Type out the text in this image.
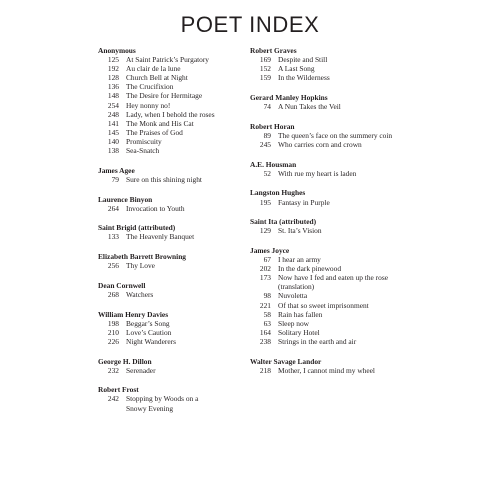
POET INDEX
Anonymous
125 At Saint Patrick’s Purgatory
192 Au clair de la lune
128 Church Bell at Night
136 The Crucifixion
148 The Desire for Hermitage
254 Hey nonny no!
248 Lady, when I behold the roses
141 The Monk and His Cat
145 The Praises of God
140 Promiscuity
138 Sea-Snatch
James Agee
79 Sure on this shining night
Laurence Binyon
264 Invocation to Youth
Saint Brigid (attributed)
133 The Heavenly Banquet
Elizabeth Barrett Browning
256 Thy Love
Dean Cornwell
268 Watchers
William Henry Davies
198 Beggar’s Song
210 Love’s Caution
226 Night Wanderers
George H. Dillon
232 Serenader
Robert Frost
242 Stopping by Woods on a
Snowy Evening
Robert Graves
169 Despite and Still
152 A Last Song
159 In the Wilderness
Gerard Manley Hopkins
74 A Nun Takes the Veil
Robert Horan
89 The queen’s face on the summery coin
245 Who carries corn and crown
A.E. Housman
52 With rue my heart is laden
Langston Hughes
195 Fantasy in Purple
Saint Ita (attributed)
129 St. Ita’s Vision
James Joyce
67 I hear an army
202 In the dark pinewood
173 Now have I fed and eaten up the rose
(translation)
98 Nuvoletta
221 Of that so sweet imprisonment
58 Rain has fallen
63 Sleep now
164 Solitary Hotel
238 Strings in the earth and air
Walter Savage Landor
218 Mother, I cannot mind my wheel
